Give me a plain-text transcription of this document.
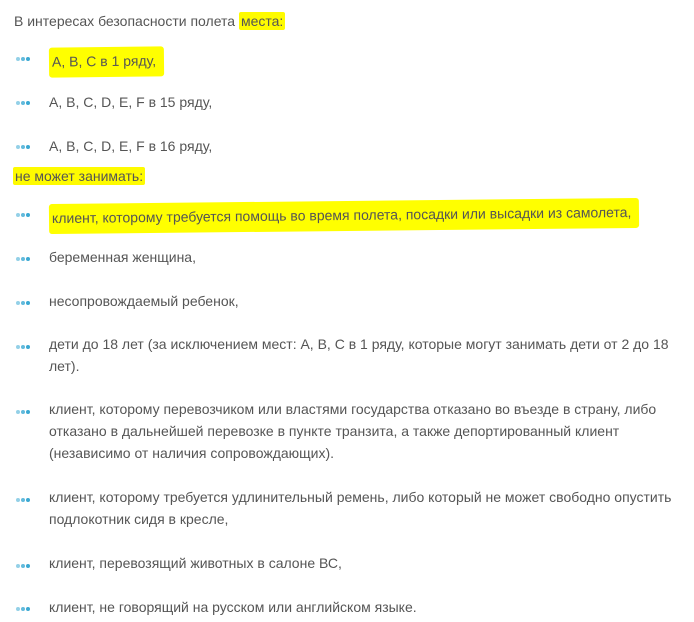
В интересах безопасности полета места:
A, B, C в 1 ряду,
A, B, C, D, E, F в 15 ряду,
A, B, C, D, E, F в 16 ряду,
не может занимать:
клиент, которому требуется помощь во время полета, посадки или высадки из самолета,
беременная женщина,
несопровождаемый ребенок,
дети до 18 лет (за исключением мест: A, B, C в 1 ряду, которые могут занимать дети от 2 до 18 лет).
клиент, которому перевозчиком или властями государства отказано во въезде в страну, либо отказано в дальнейшей перевозке в пункте транзита, а также депортированный клиент (независимо от наличия сопровождающих).
клиент, которому требуется удлинительный ремень, либо который не может свободно опустить подлокотник сидя в кресле,
клиент, перевозящий животных в салоне ВС,
клиент, не говорящий на русском или английском языке.
